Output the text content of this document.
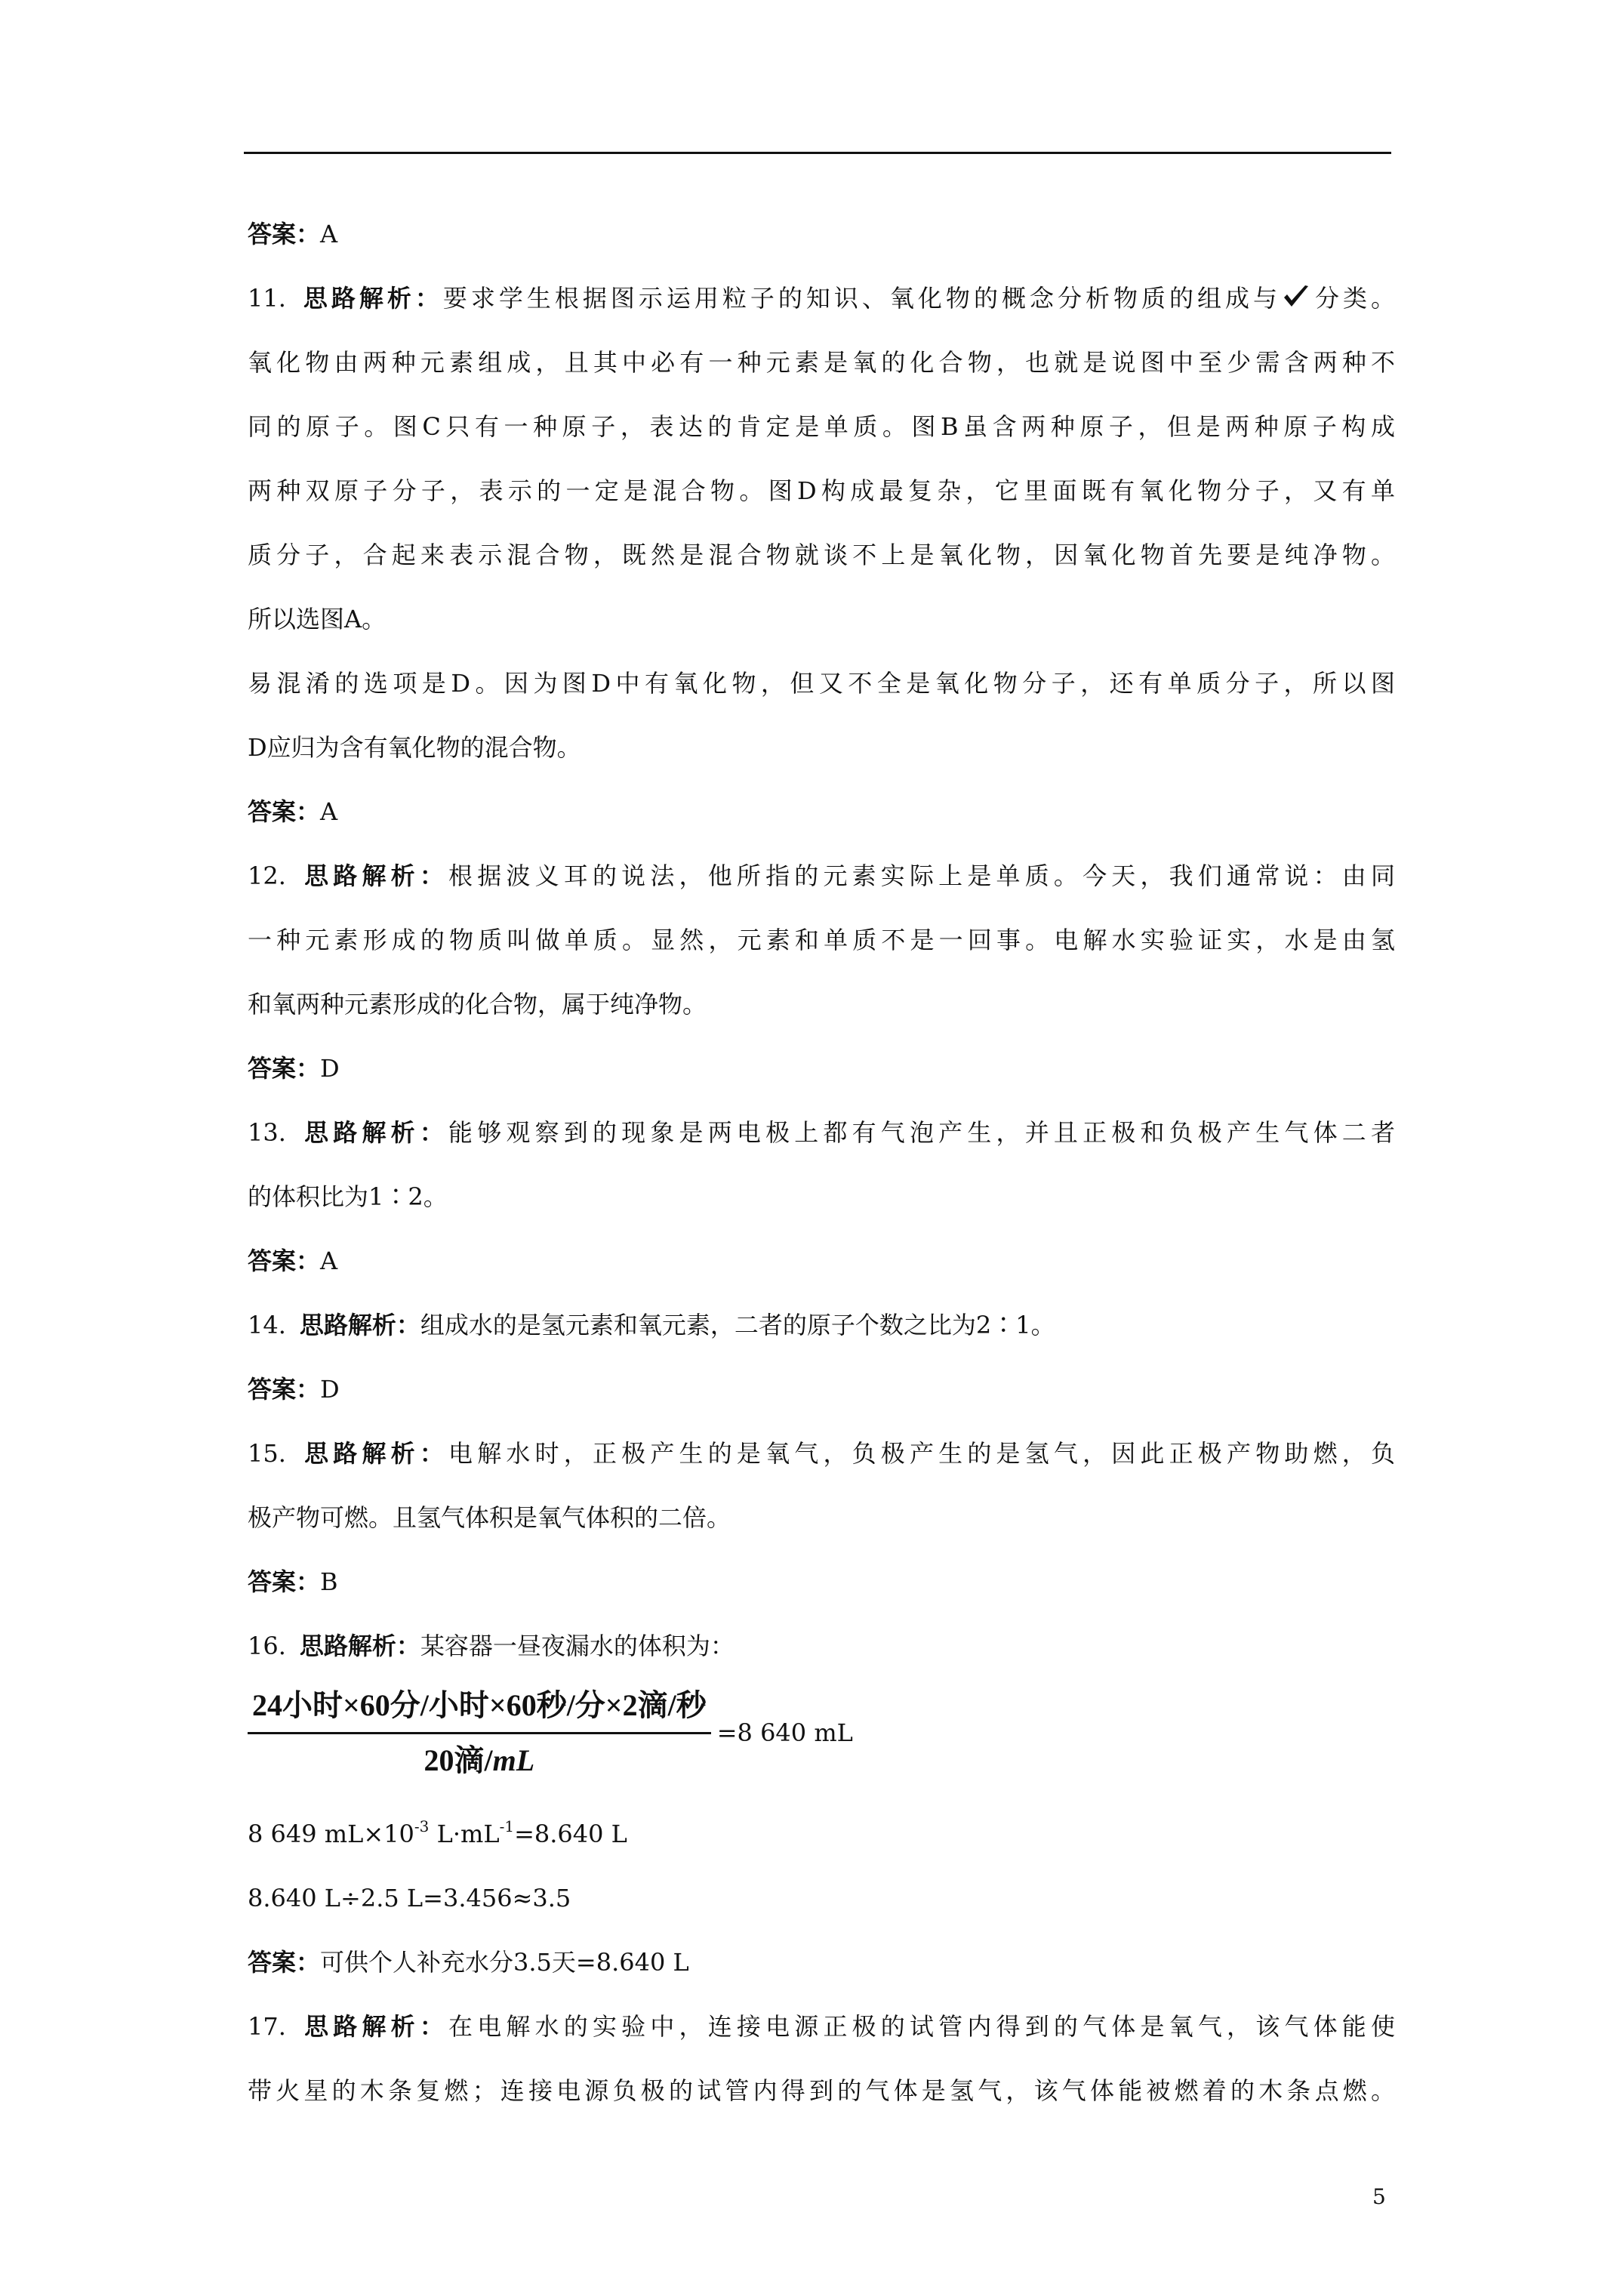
答案：A
11. 思路解析：要求学生根据图示运用粒子的知识、氧化物的概念分析物质的组成与 分类。
氧化物由两种元素组成，且其中必有一种元素是氧的化合物，也就是说图中至少需含两种不
同的原子。图C只有一种原子，表达的肯定是单质。图B虽含两种原子，但是两种原子构成
两种双原子分子，表示的一定是混合物。图D构成最复杂，它里面既有氧化物分子，又有单
质分子，合起来表示混合物，既然是混合物就谈不上是氧化物，因氧化物首先要是纯净物。
所以选图A。
易混淆的选项是D。因为图D中有氧化物，但又不全是氧化物分子，还有单质分子，所以图
D应归为含有氧化物的混合物。
答案：A
12. 思路解析：根据波义耳的说法，他所指的元素实际上是单质。今天，我们通常说：由同
一种元素形成的物质叫做单质。显然，元素和单质不是一回事。电解水实验证实，水是由氢
和氧两种元素形成的化合物，属于纯净物。
答案：D
13. 思路解析：能够观察到的现象是两电极上都有气泡产生，并且正极和负极产生气体二者
的体积比为1∶2。
答案：A
14. 思路解析：组成水的是氢元素和氧元素，二者的原子个数之比为2∶1。
答案：D
15. 思路解析：电解水时，正极产生的是氧气，负极产生的是氢气，因此正极产物助燃，负
极产物可燃。且氢气体积是氧气体积的二倍。
答案：B
16. 思路解析：某容器一昼夜漏水的体积为：
$\frac{\text{24小时×60分/小时×60秒/分×2滴/秒}}{\text{20滴/mL}} =8$ 640 mL
8 649 $mL\times 10^{-3}$ $L\cdot mL^{-1}=8.640$ L
8.640 L÷2.5 L=3.456≈3.5
答案：可供个人补充水分3.5天=8.640 L
17. 思路解析：在电解水的实验中，连接电源正极的试管内得到的气体是氧气，该气体能使
带火星的木条复燃；连接电源负极的试管内得到的气体是氢气，该气体能被燃着的木条点燃。
5
